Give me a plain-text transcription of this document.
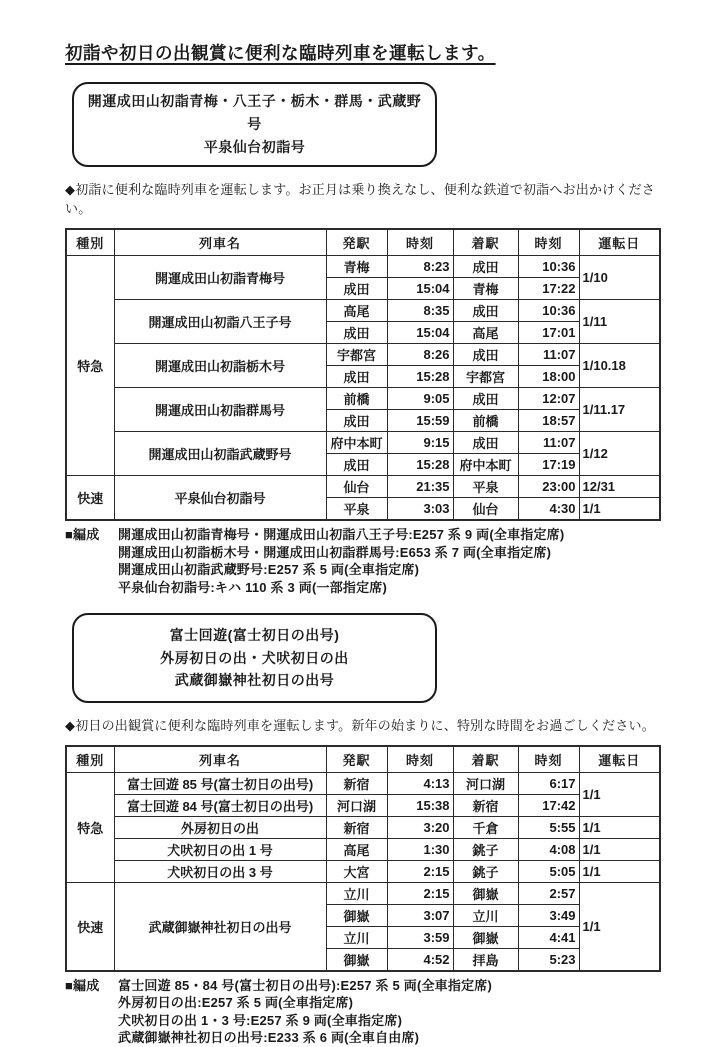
初詣や初日の出観賞に便利な臨時列車を運転します。
開運成田山初詣青梅・八王子・栃木・群馬・武蔵野号
平泉仙台初詣号

◆初詣に便利な臨時列車を運転します。お正月は乗り換えなし、便利な鉄道で初詣へお出かけください。

種別	列車名	発駅	時刻	着駅	時刻	運転日
特急	開運成田山初詣青梅号	青梅	8:23	成田	10:36	1/10
		成田	15:04	青梅	17:22	
	開運成田山初詣八王子号	高尾	8:35	成田	10:36	1/11
		成田	15:04	高尾	17:01	
	開運成田山初詣栃木号	宇都宮	8:26	成田	11:07	1/10.18
		成田	15:28	宇都宮	18:00	
	開運成田山初詣群馬号	前橋	9:05	成田	12:07	1/11.17
		成田	15:59	前橋	18:57	
	開運成田山初詣武蔵野号	府中本町	9:15	成田	11:07	1/12
		成田	15:28	府中本町	17:19	
快速	平泉仙台初詣号	仙台	21:35	平泉	23:00	12/31
		平泉	3:03	仙台	4:30	1/1
■編成	開運成田山初詣青梅号・開運成田山初詣八王子号:E257 系 9 両(全車指定席)
開運成田山初詣栃木号・開運成田山初詣群馬号:E653 系 7 両(全車指定席)
開運成田山初詣武蔵野号:E257 系 5 両(全車指定席)
平泉仙台初詣号:キハ 110 系 3 両(一部指定席)
富士回遊(富士初日の出号)
外房初日の出・犬吠初日の出
武蔵御嶽神社初日の出号

◆初日の出観賞に便利な臨時列車を運転します。新年の始まりに、特別な時間をお過ごしください。

種別	列車名	発駅	時刻	着駅	時刻	運転日
特急	富士回遊 85 号(富士初日の出号)	新宿	4:13	河口湖	6:17	1/1
	富士回遊 84 号(富士初日の出号)	河口湖	15:38	新宿	17:42	
	外房初日の出	新宿	3:20	千倉	5:55	1/1
	犬吠初日の出 1 号	高尾	1:30	銚子	4:08	1/1
	犬吠初日の出 3 号	大宮	2:15	銚子	5:05	1/1
快速	武蔵御嶽神社初日の出号	立川	2:15	御嶽	2:57	1/1
		御嶽	3:07	立川	3:49	
		立川	3:59	御嶽	4:41	
		御嶽	4:52	拝島	5:23	
■編成	富士回遊 85・84 号(富士初日の出号):E257 系 5 両(全車指定席)
外房初日の出:E257 系 5 両(全車指定席)
犬吠初日の出 1・3 号:E257 系 9 両(全車指定席)
武蔵御嶽神社初日の出号:E233 系 6 両(全車自由席)
